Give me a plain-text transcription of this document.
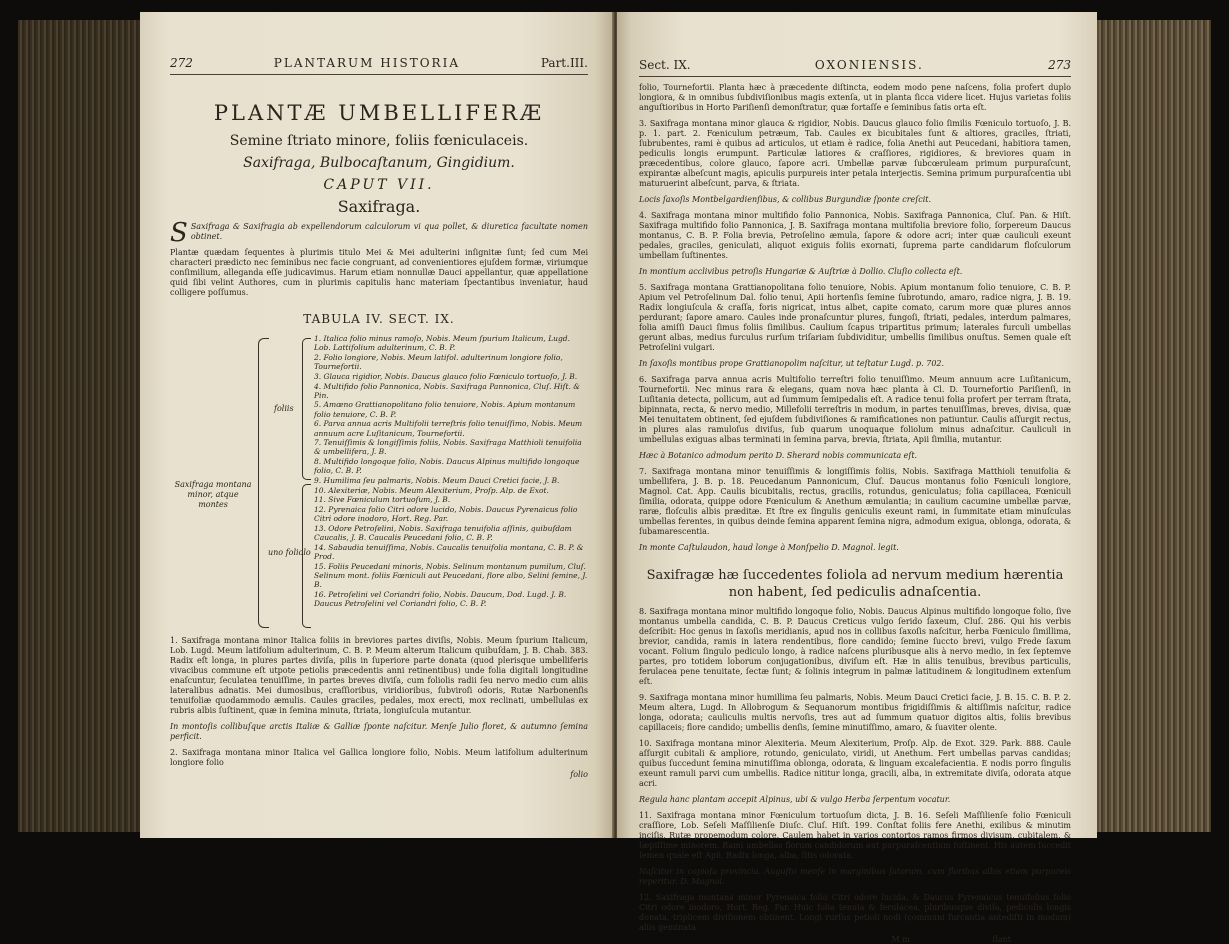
272	PLANTARUM HISTORIA	Part.III.
PLANTÆ UMBELLIFERÆ
Semine ſtriato minore, foliis fœniculaceis.
Saxifraga, Bulbocaſtanum, Gingidium.
CAPUT VII.
Saxifraga.
S Saxifraga & Saxifragia ab expellendorum calculorum vi qua pollet, & diuretica facultate nomen obtinet.
Plantæ quædam ſequentes à plurimis titulo Mei & Mei adulterini inſignitæ ſunt; ſed cum Mei characteri prædicto nec ſeminibus nec facie congruant, ad convenientiores ejuſdem formæ, viriumque conſimilium, alleganda eſſe judicavimus. Harum etiam nonnullæ Dauci appellantur, quæ appellatione quid ſibi velint Authores, cum in plurimis capitulis hanc materiam ſpectantibus inveniatur, haud colligere poſſumus.
TABULA IV. SECT. IX.
Saxifraga montana minor, atque montes
foliis
uno foliolo
1. Italica folio minus ramoſo, Nobis. Meum ſpurium Italicum, Lugd. Lob. Lattifolium adulterinum, C. B. P.
2. Folio longiore, Nobis. Meum latifol. adulterinum longiore folio, Tournefortii.
3. Glauca rigidior, Nobis. Daucus glauco folio Fœniculo tortuoſo, J. B.
4. Multifido folio Pannonica, Nobis. Saxifraga Pannonica, Cluſ. Hiſt. & Pin.
5. Amœno Grattianopolitano folio tenuiore, Nobis. Apium montanum folio tenuiore, C. B. P.
6. Parva annua acris Multifolii terreſtris folio tenuiſſimo, Nobis. Meum annuum acre Luſitanicum, Tournefortii.
7. Tenuiſſimis & longiſſimis foliis, Nobis. Saxifraga Matthioli tenuifolia & umbellifera, J. B.
8. Multifido longoque folio, Nobis. Daucus Alpinus multifido longoque folio, C. B. P.
9. Humilima ſeu palmaris, Nobis. Meum Dauci Cretici facie, J. B.
10. Alexiteriæ, Nobis. Meum Alexiterium, Proſp. Alp. de Exot.
11. Sive Fœniculum tortuoſum, J. B.
12. Pyrenaica folio Citri odore lucido, Nobis. Daucus Pyrenaicus folio Citri odore inodoro, Hort. Reg. Par.
13. Odore Petroſelini, Nobis. Saxifraga tenuifolia aſſinis, quibuſdam Caucalis, J. B. Caucalis Peucedani folio, C. B. P.
14. Sabaudia tenuiſſima, Nobis. Caucalis tenuifolia montana, C. B. P. & Prod.
15. Foliis Peucedani minoris, Nobis. Selinum montanum pumilum, Cluſ. Selinum mont. foliis Fœniculi aut Peucedani, flore albo, Selini ſemine, J. B.
16. Petroſelini vel Coriandri folio, Nobis. Daucum, Dod. Lugd. J. B. Daucus Petroſelini vel Coriandri folio, C. B. P.
1. Saxifraga montana minor Italica foliis in breviores partes diviſis, Nobis. Meum ſpurium Italicum, Lob. Lugd. Meum latifolium adulterinum, C. B. P. Meum alterum Italicum quibuſdam, J. B. Chab. 383. Radix eſt longa, in plures partes diviſa, pilis in ſuperiore parte donata (quod plerisque umbelliferis vivacibus commune eſt utpote petiolis præcedentis anni retinentibus) unde folia digitali longitudine enaſcuntur, ſeculatea tenuiſſime, in partes breves diviſa, cum foliolis radii ſeu nervo medio cum aliis lateralibus adnatis. Mei dumosibus, craſſioribus, viridioribus, ſubviroſi odoris, Rutæ Narbonenſis tenuifoliæ quodammodo æmulis. Caules graciles, pedales, mox erecti, mox reclinati, umbellulas ex rubris albis ſuſtinent, quæ in ſemina minuta, ſtriata, longiuſcula mutantur.
In montoſis collibuſque arctis Italiæ & Galliæ ſponte naſcitur. Menſe Julio floret, & autumno ſemina perficit.
2. Saxifraga montana minor Italica vel Gallica longiore folio, Nobis. Meum latifolium adulterinum longiore folio
folio
Sect. IX.	OXONIENSIS.	273
folio, Tournefortii. Planta hæc à præcedente diſtincta, eodem modo pene naſcens, folia profert duplo longiora, & in omnibus ſubdiviſionibus magis extenſa, ut in planta ſicca videre licet. Hujus varietas foliis anguſtioribus in Horto Pariſienſi demonſtratur, quæ fortaſſe e ſeminibus ſatis orta eſt.
3. Saxifraga montana minor glauca & rigidior, Nobis. Daucus glauco folio ſimilis Fœniculo tortuoſo, J. B. p. 1. part. 2. Fœniculum petræum, Tab. Caules ex bicubitales ſunt & altiores, graciles, ſtriati, ſubrubentes, rami è quibus ad articulos, ut etiam è radice, folia Anethi aut Peucedani, habitiora tamen, pediculis longis erumpunt. Particulæ latiores & craſſiores, rigidiores, & breviores quam in præcedentibus, colore glauco, ſapore acri. Umbellæ parvæ ſubcœruleam primum purpuraſcunt, expirantæ albeſcunt magis, apiculis purpureis inter petala interjectis. Semina primum purpuraſcentia ubi maturuerint albeſcunt, parva, & ſtriata.
Locis ſaxoſis Montbelgardienſibus, & collibus Burgundiæ ſponte creſcit.
4. Saxifraga montana minor multifido folio Pannonica, Nobis. Saxifraga Pannonica, Cluſ. Pan. & Hiſt. Saxifraga multifido folio Pannonica, J. B. Saxifraga montana multifolia breviore folio, ſorpereum Daucus montanus, C. B. P. Folia brevia, Petroſelino æmula, ſapore & odore acri; inter quæ cauliculi exeunt pedales, graciles, geniculati, aliquot exiguis foliis exornati, ſuprema parte candidarum floſculorum umbellam ſuſtinentes.
In montium acclivibus petroſis Hungariæ & Auſtriæ à Dollio. Cluſio collecta eſt.
5. Saxifraga montana Grattianopolitana folio tenuiore, Nobis. Apium montanum folio tenuiore, C. B. P. Apium vel Petroſelinum Dal. folio tenui, Apii hortenſis ſemine ſubrotundo, amaro, radice nigra, J. B. 19. Radix longiuſcula & craſſa, foris nigricat, intus albet, capite comato, carum more quæ plures annos perdurant; ſapore amaro. Caules inde pronaſcuntur plures, fungoſi, ſtriati, pedales, interdum palmares, folia amiſſi Dauci ſimus foliis ſimilibus. Caulium ſcapus tripartitus primum; laterales furculi umbellas gerunt albas, medius furculus rurſum triſariam ſubdividitur, umbellis ſimilibus onuſtus. Semen quale eſt Petroſelini vulgari.
In ſaxoſis montibus prope Grattianopolim naſcitur, ut teſtatur Lugd. p. 702.
6. Saxifraga parva annua acris Multifolio terreſtri folio tenuiſſimo. Meum annuum acre Luſitanicum, Tournefortii. Nec minus rara & elegans, quam nova hæc planta à Cl. D. Tournefortio Pariſienſi, in Luſitania detecta, pollicum, aut ad ſummum ſemipedalis eſt. A radice tenui folia profert per terram ſtrata, bipinnata, recta, & nervo medio, Millefolii terreſtris in modum, in partes tenuiſſimas, breves, divisa, quæ Mei tenuitatem obtinent, ſed ejuſdem ſubdiviſiones & ramificationes non patiuntur. Caulis aſſurgit rectus, in plures alas ramuloſus diviſus, ſub quarum unoquaque foliolum minus adnaſcitur. Cauliculi in umbellulas exiguas albas terminati in ſemina parva, brevia, ſtriata, Apii ſimilia, mutantur.
Hæc à Botanico admodum perito D. Sherard nobis communicata eſt.
7. Saxifraga montana minor tenuiſſimis & longiſſimis foliis, Nobis. Saxifraga Matthioli tenuifolia & umbellifera, J. B. p. 18. Peucedanum Pannonicum, Cluſ. Daucus montanus folio Fœniculi longiore, Magnol. Cat. App. Caulis bicubitalis, rectus, gracilis, rotundus, geniculatus; folia capillacea, Fœniculi ſimilia, odorata, quippe odore Fœniculum & Anethum æmulantia; in caulium cacumine umbellæ parvæ, raræ, floſculis albis præditæ. Et ſtre ex ſingulis geniculis exeunt rami, in ſummitate etiam minuſculas umbellas ferentes, in quibus deinde ſemina apparent ſemina nigra, admodum exigua, oblonga, odorata, & ſubamarescentia.
In monte Caſtulaudon, haud longe à Monſpelio D. Magnol. legit.
Saxifragæ hæ ſuccedentes foliola ad nervum medium hærentia non habent, ſed pediculis adnaſcentia.
8. Saxifraga montana minor multifido longoque folio, Nobis. Daucus Alpinus multifido longoque folio, ſive montanus umbella candida, C. B. P. Daucus Creticus vulgo ſerido ſaxeum, Cluſ. 286. Qui his verbis deſcribit: Hoc genus in ſaxoſis meridianis, apud nos in collibus ſaxoſis naſcitur, herba Fœniculo ſimillima, brevior, candida, ramis in latera rendentibus, flore candido; ſemine ſuccto brevi, vulgo Frede ſaxum vocant. Folium ſingulo pediculo longo, à radice naſcens pluribusque alis à nervo medio, in ſex ſeptemve partes, pro totidem loborum conjugationibus, diviſum eſt. Hæ in aliis tenuibus, brevibus particulis, ferulacea pene tenuitate, ſectæ ſunt; & ſolinis integrum in palmæ latitudinem & longitudinem extenſum eſt.
9. Saxifraga montana minor humillima ſeu palmaris, Nobis. Meum Dauci Cretici facie, J. B. 15. C. B. P. 2. Meum altera, Lugd. In Allobrogum & Sequanorum montibus frigidiſſimis & altiſſimis naſcitur, radice longa, odorata; cauliculis multis nervoſis, tres aut ad ſummum quatuor digitos altis, foliis brevibus capillaceis; flore candido; umbellis denſis, ſemine minutiſſimo, amaro, & ſuaviter olente.
10. Saxifraga montana minor Alexiteria. Meum Alexiterium, Proſp. Alp. de Exot. 329. Park. 888. Caule aſſurgit cubitali & ampliore, rotundo, geniculato, viridi, ut Anethum. Fert umbellas parvas candidas; quibus ſuccedunt ſemina minutiſſima oblonga, odorata, & linguam excalefacientia. E nodis porro ſingulis exeunt ramuli parvi cum umbellis. Radice nititur longa, gracili, alba, in extremitate diviſa, odorata atque acri.
Regula hanc plantam accepit Alpinus, ubi & vulgo Herba ſerpentum vocatur.
11. Saxifraga montana minor Fœniculum tortuoſum dicta, J. B. 16. Seſeli Maſſilienſe folio Fœniculi craſſiore, Lob. Seſeli Maſſilienſe Diuſc. Cluſ. Hiſt. 199. Conſtat foliis fere Anethi, exilibus & minutim inciſis, Rutæ propemodum colore. Caulem habet in varios contortos ramos firmos divisum, cubitalem, & ſæpiſſime minorem. Rami umbellas florum candidorum aut purpuraſcentium ſuſtinent. His autem ſuccedit ſemen quale eſt Apii. Radix longa, alba, ſitis odorata.
Naſcitur in copioſa provincia. Auguſto menſe in marginibus ſatorum, cum floribus albis etiam purpureis reperitur. D. Magnol.
12. Saxifraga montana minor Pyrenaica folio Citri odore lucida, & Daucus Pyrenaicus tenuifolius folio Citri odore inodoro, Hort. Reg. Par. Huic folia tenuia & ferulacea, pluribusque diviſa, pediculis longis donata, triplicem diviſionem obtinent. Longi rurſus petioli nodi (communi furcantia antediſti in modum) aliis geminata
M m	ſlant
